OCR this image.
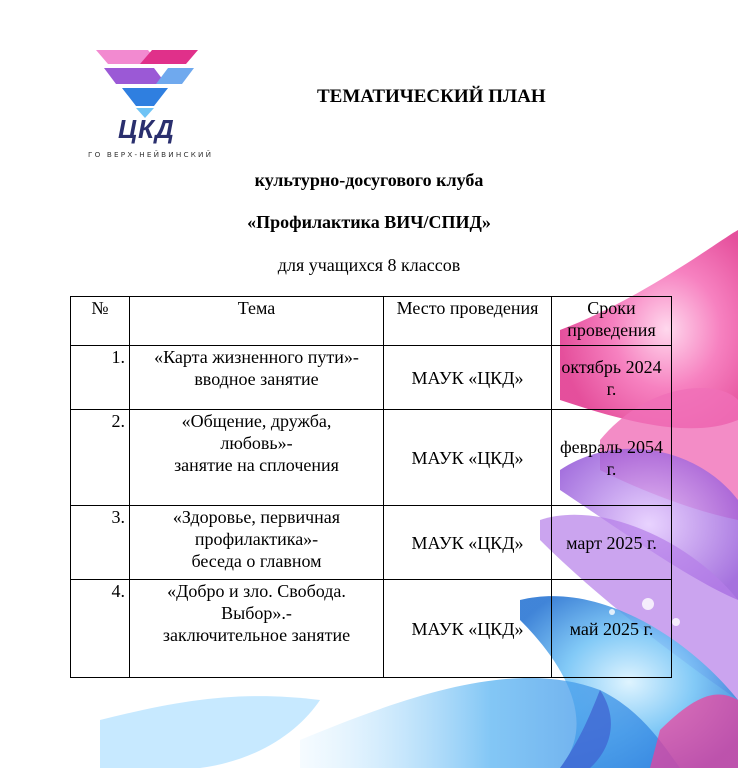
ЦКД
ГО ВЕРХ-НЕЙВИНСКИЙ
ТЕМАТИЧЕСКИЙ ПЛАН
культурно-досугового клуба
«Профилактика ВИЧ/СПИД»
для учащихся 8 классов
№	Тема	Место проведения	Сроки проведения
1.	«Карта жизненного пути»-
вводное занятие	МАУК «ЦКД»	октябрь 2024 г.
2.	«Общение, дружба,
любовь»-
занятие на сплочения	МАУК «ЦКД»	февраль 2054 г.
3.	«Здоровье, первичная
профилактика»-
беседа о главном	МАУК «ЦКД»	март 2025 г.
4.	«Добро и зло. Свобода.
Выбор».-
заключительное занятие	МАУК «ЦКД»	май 2025 г.
